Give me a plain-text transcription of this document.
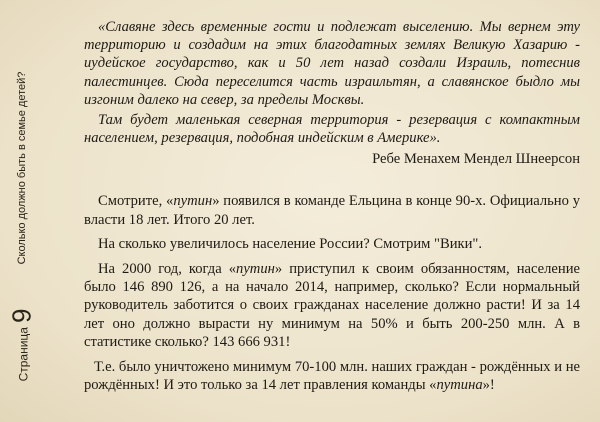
Сколько должно быть в семье детей?
Страница9

«Славяне здесь временные гости и подлежат выселению. Мы вернем эту территорию и создадим на этих благодатных землях Великую Хазарию - иудейское государство, как и 50 лет назад создали Израиль, потеснив палестинцев. Сюда переселится часть израильтян, а славянское быдло мы изгоним далеко на север, за пределы Москвы.

Там будет маленькая северная территория - резервация с компактным населением, резервация, подобная индейским в Америке».

Ребе Менахем Мендел Шнеерсон

Смотрите, «путин» появился в команде Ельцина в конце 90-х. Официально у власти 18 лет. Итого 20 лет.

На сколько увеличилось население России? Смотрим "Вики".

На 2000 год, когда «путин» приступил к своим обязанностям, население было 146 890 126, а на начало 2014, например, сколько? Если нормальный руководитель заботится о своих гражданах население должно расти! И за 14 лет оно должно вырасти ну минимум на 50% и быть 200-250 млн. А в статистике сколько? 143 666 931!

Т.е. было уничтожено минимум 70-100 млн. наших граждан - рождённых и не рождённых! И это только за 14 лет правления команды «путина»!
